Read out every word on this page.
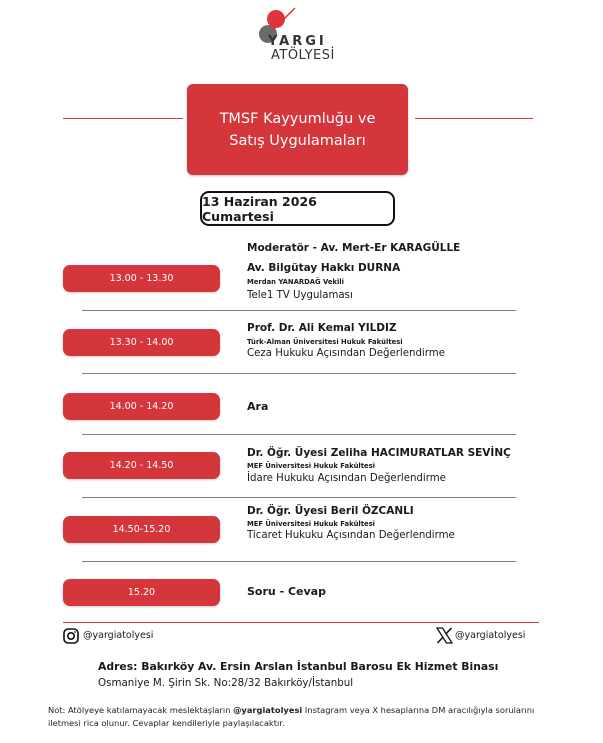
YARGI
ATÖLYESİ
TMSF Kayyumluğu ve Satış Uygulamaları
13 Haziran 2026 Cumartesi
Moderatör - Av. Mert-Er KARAGÜLLE
13.00 - 13.30
Av. Bilgütay Hakkı DURNA
Merdan YANARDAĞ Vekili
Tele1 TV Uygulaması
13.30 - 14.00
Prof. Dr. Ali Kemal YILDIZ
Türk-Alman Üniversitesi Hukuk Fakültesi
Ceza Hukuku Açısından Değerlendirme
14.00 - 14.20	Ara
14.20 - 14.50
Dr. Öğr. Üyesi Zeliha HACIMURATLAR SEVİNÇ
MEF Üniversitesi Hukuk Fakültesi
İdare Hukuku Açısından Değerlendirme
14.50-15.20
Dr. Öğr. Üyesi Beril ÖZCANLI
MEF Üniversitesi Hukuk Fakültesi
Ticaret Hukuku Açısından Değerlendirme
15.20	Soru - Cevap
@yargiatolyesi	@yargiatolyesi
Adres: Bakırköy Av. Ersin Arslan İstanbul Barosu Ek Hizmet Binası
Osmaniye M. Şirin Sk. No:28/32 Bakırköy/İstanbul
Not: Atölyeye katılamayacak meslektaşların @yargiatolyesi Instagram veya X hesaplarına DM aracılığıyla sorularını iletmesi rica olunur. Cevaplar kendileriyle paylaşılacaktır.
